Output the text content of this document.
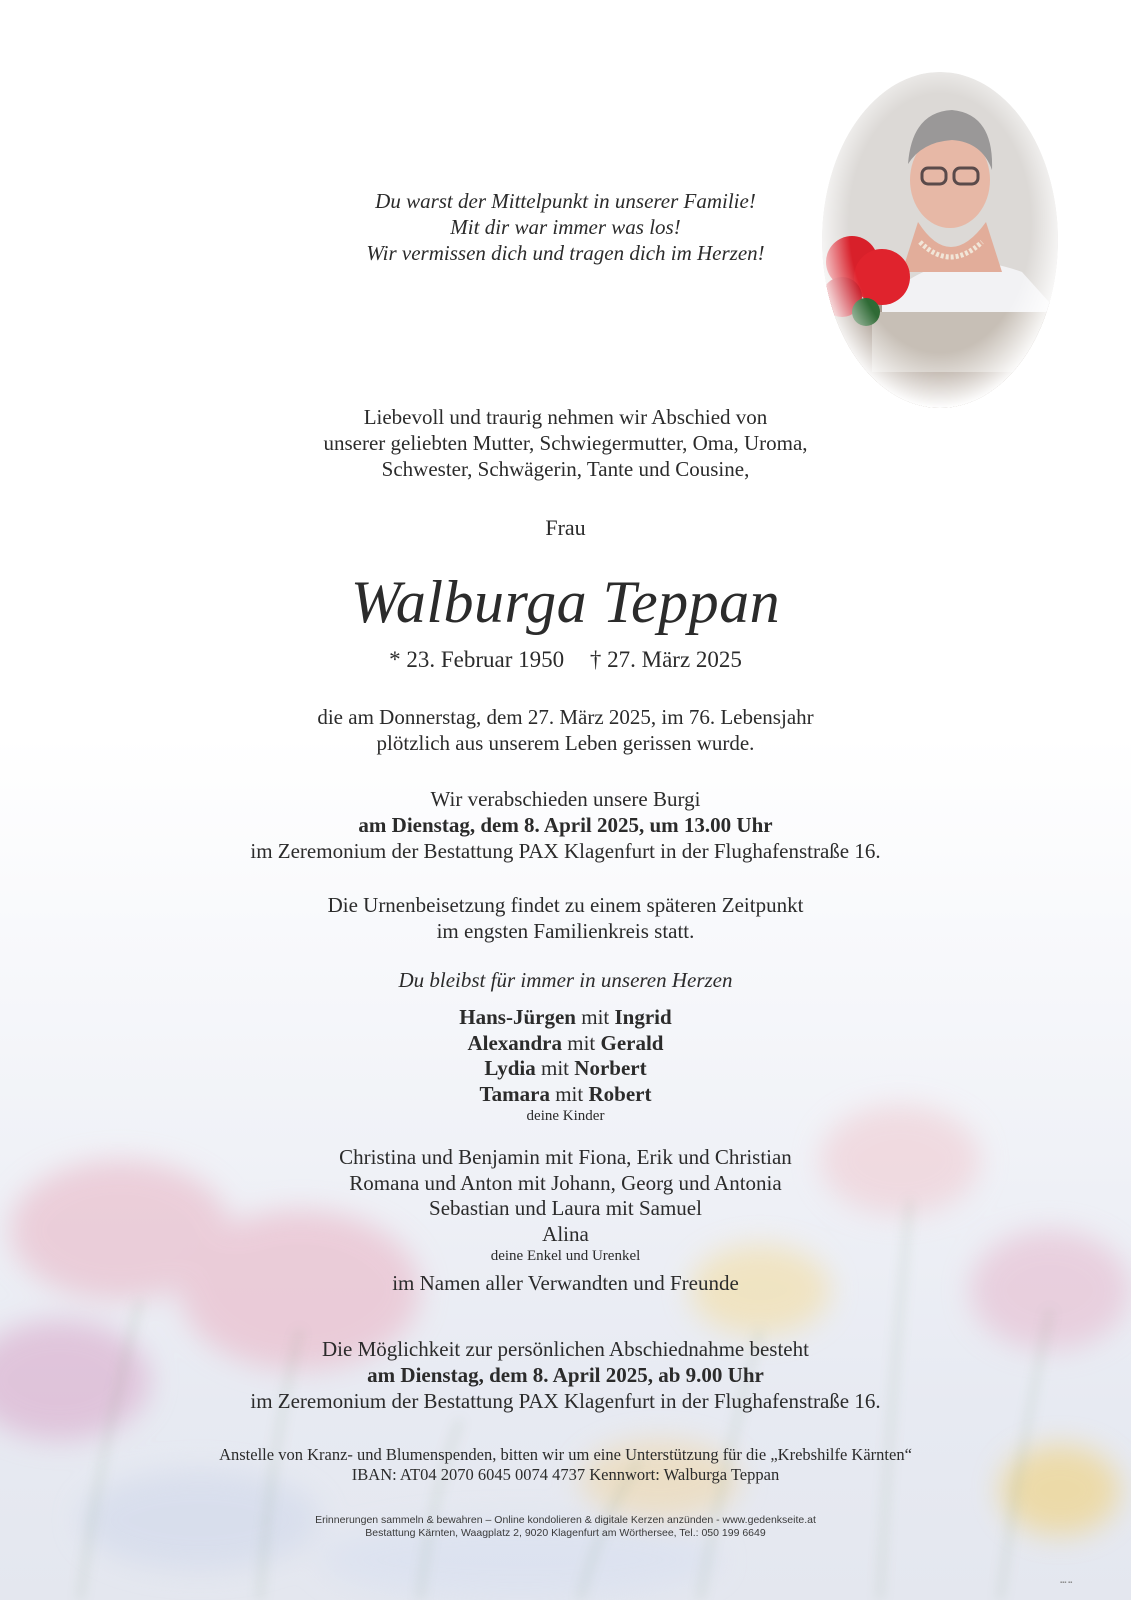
Du warst der Mittelpunkt in unserer Familie!
Mit dir war immer was los!
Wir vermissen dich und tragen dich im Herzen!
Liebevoll und traurig nehmen wir Abschied von
unserer geliebten Mutter, Schwiegermutter, Oma, Uroma,
Schwester, Schwägerin, Tante und Cousine,
Frau
Walburga Teppan
* 23. Februar 1950 † 27. März 2025
die am Donnerstag, dem 27. März 2025, im 76. Lebensjahr
plötzlich aus unserem Leben gerissen wurde.
Wir verabschieden unsere Burgi
am Dienstag, dem 8. April 2025, um 13.00 Uhr
im Zeremonium der Bestattung PAX Klagenfurt in der Flughafenstraße 16.
Die Urnenbeisetzung findet zu einem späteren Zeitpunkt
im engsten Familienkreis statt.
Du bleibst für immer in unseren Herzen
Hans-Jürgen mit Ingrid
Alexandra mit Gerald
Lydia mit Norbert
Tamara mit Robert
deine Kinder
Christina und Benjamin mit Fiona, Erik und Christian
Romana und Anton mit Johann, Georg und Antonia
Sebastian und Laura mit Samuel
Alina
deine Enkel und Urenkel
im Namen aller Verwandten und Freunde
Die Möglichkeit zur persönlichen Abschiednahme besteht
am Dienstag, dem 8. April 2025, ab 9.00 Uhr
im Zeremonium der Bestattung PAX Klagenfurt in der Flughafenstraße 16.
Anstelle von Kranz- und Blumenspenden, bitten wir um eine Unterstützung für die „Krebshilfe Kärnten“
IBAN: AT04 2070 6045 0074 4737 Kennwort: Walburga Teppan
Erinnerungen sammeln & bewahren – Online kondolieren & digitale Kerzen anzünden - www.gedenkseite.at
Bestattung Kärnten, Waagplatz 2, 9020 Klagenfurt am Wörthersee, Tel.: 050 199 6649
▪▪▪ ▪▪
